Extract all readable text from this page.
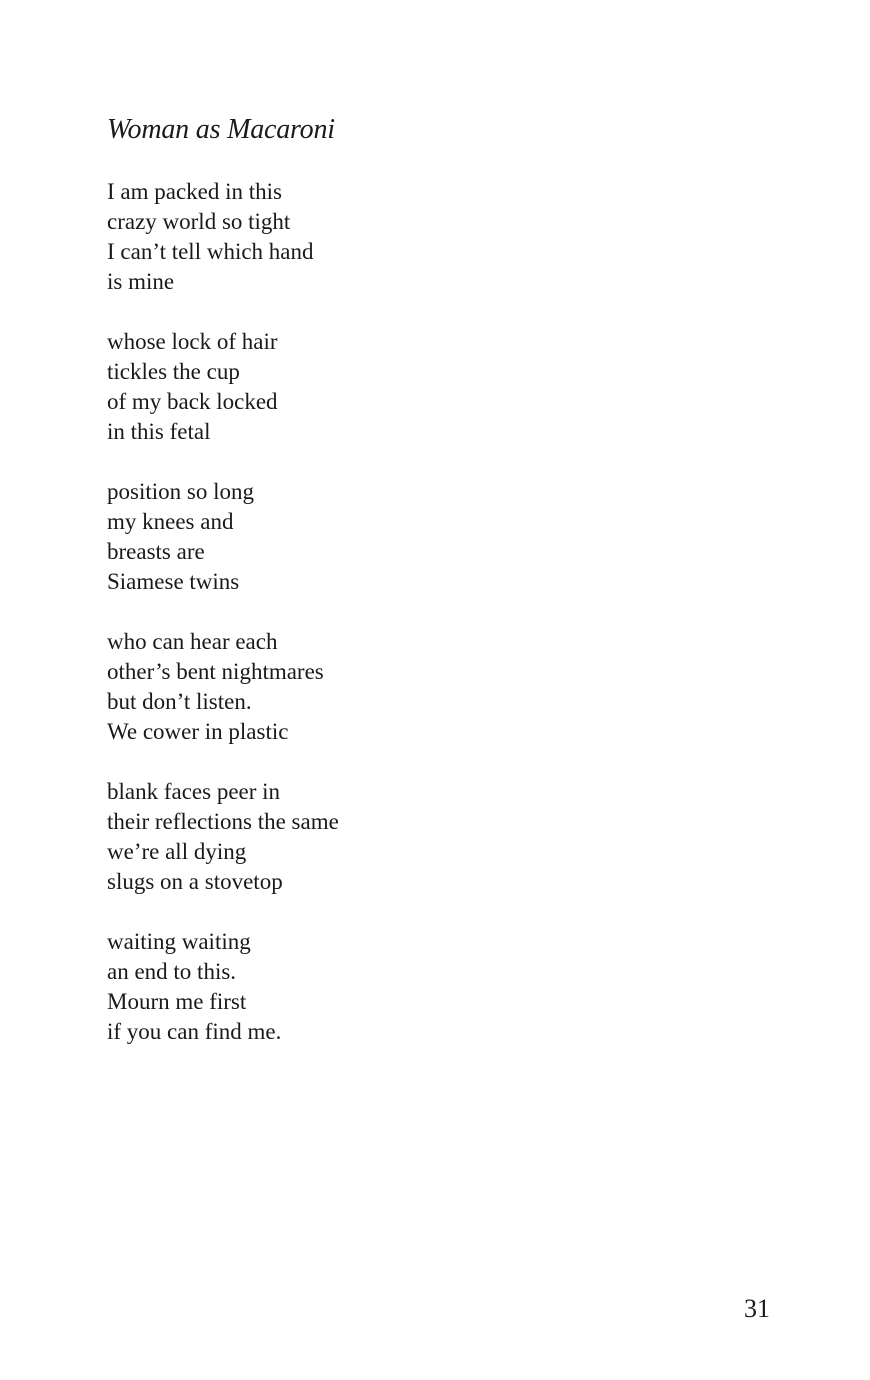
Woman as Macaroni
I am packed in this
crazy world so tight
I can’t tell which hand
is mine
whose lock of hair
tickles the cup
of my back locked
in this fetal
position so long
my knees and
breasts are
Siamese twins
who can hear each
other’s bent nightmares
but don’t listen.
We cower in plastic
blank faces peer in
their reflections the same
we’re all dying
slugs on a stovetop
waiting waiting
an end to this.
Mourn me first
if you can find me.
31
